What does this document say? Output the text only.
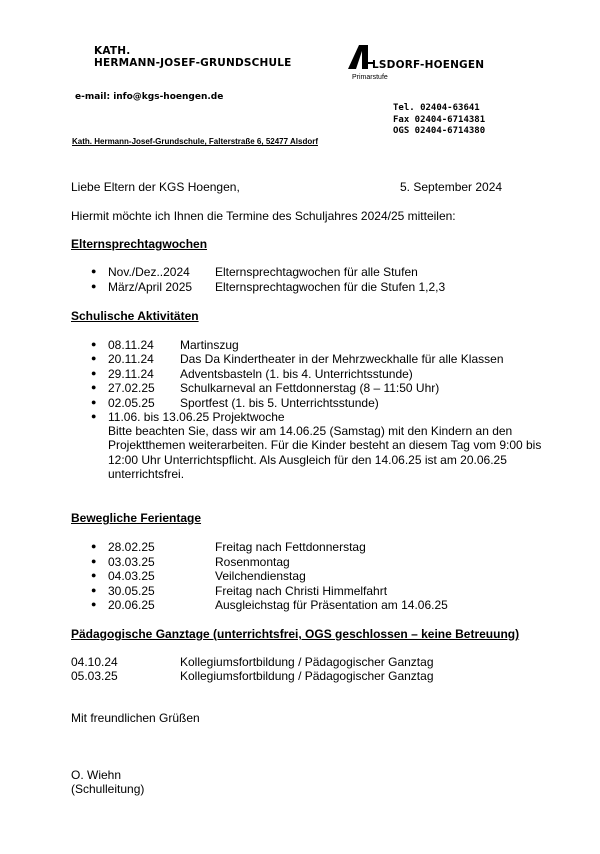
KATH.
HERMANN-JOSEF-GRUNDSCHULE	LSDORF-HOENGEN
Primarstufe
e-mail: info@kgs-hoengen.de
Tel. 02404-63641
Fax 02404-6714381
OGS 02404-6714380
Kath. Hermann-Josef-Grundschule, Falterstraße 6, 52477 Alsdorf
Liebe Eltern der KGS Hoengen,	5. September 2024
Hiermit möchte ich Ihnen die Termine des Schuljahres 2024/25 mitteilen:
Elternsprechtagwochen
● Nov./Dez..2024 Elternsprechtagwochen für alle Stufen
● März/April 2025 Elternsprechtagwochen für die Stufen 1,2,3
Schulische Aktivitäten
● 08.11.24 Martinszug
● 20.11.24 Das Da Kindertheater in der Mehrzweckhalle für alle Klassen
● 29.11.24 Adventsbasteln (1. bis 4. Unterrichtsstunde)
● 27.02.25 Schulkarneval an Fettdonnerstag (8 – 11:50 Uhr)
● 02.05.25 Sportfest (1. bis 5. Unterrichtsstunde)
● 11.06. bis 13.06.25 Projektwoche
Bitte beachten Sie, dass wir am 14.06.25 (Samstag) mit den Kindern an den Projektthemen weiterarbeiten. Für die Kinder besteht an diesem Tag vom 9:00 bis 12:00 Uhr Unterrichtspflicht. Als Ausgleich für den 14.06.25 ist am 20.06.25 unterrichtsfrei.
Bewegliche Ferientage
● 28.02.25	Freitag nach Fettdonnerstag
● 03.03.25	Rosenmontag
● 04.03.25	Veilchendienstag
● 30.05.25	Freitag nach Christi Himmelfahrt
● 20.06.25	Ausgleichstag für Präsentation am 14.06.25
Pädagogische Ganztage (unterrichtsfrei, OGS geschlossen – keine Betreuung)
04.10.24	Kollegiumsfortbildung / Pädagogischer Ganztag
05.03.25	Kollegiumsfortbildung / Pädagogischer Ganztag
Mit freundlichen Grüßen
O. Wiehn
(Schulleitung)
